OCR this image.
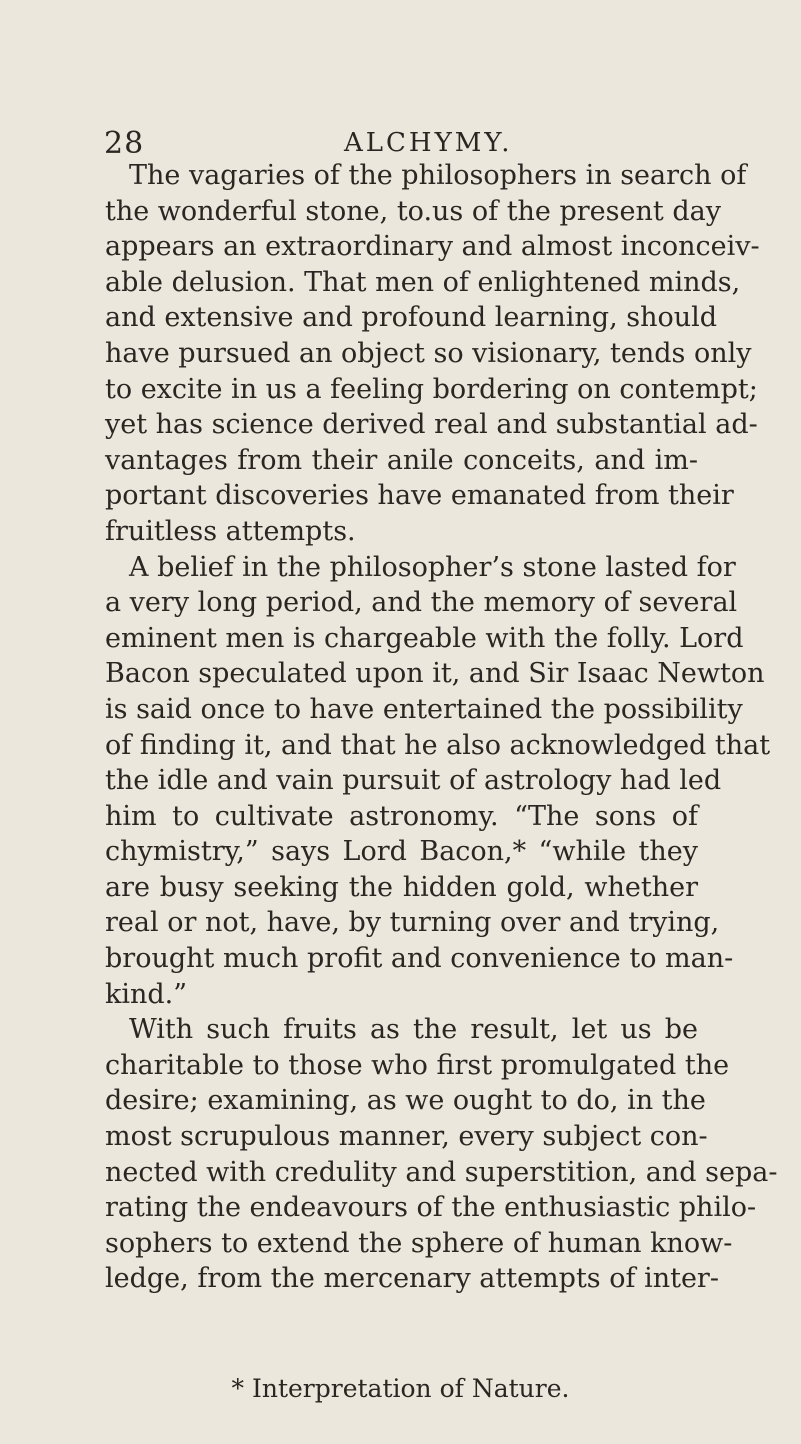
28	ALCHYMY.
The vagaries of the philosophers in search of
the wonderful stone, to.us of the present day
appears an extraordinary and almost inconceiv-
able delusion. That men of enlightened minds,
and extensive and profound learning, should
have pursued an object so visionary, tends only
to excite in us a feeling bordering on contempt;
yet has science derived real and substantial ad-
vantages from their anile conceits, and im-
portant discoveries have emanated from their
fruitless attempts.
A belief in the philosopher’s stone lasted for
a very long period, and the memory of several
eminent men is chargeable with the folly. Lord
Bacon speculated upon it, and Sir Isaac Newton
is said once to have entertained the possibility
of finding it, and that he also acknowledged that
the idle and vain pursuit of astrology had led
him to cultivate astronomy. “The sons of
chymistry,” says Lord Bacon,* “while they
are busy seeking the hidden gold, whether
real or not, have, by turning over and trying,
brought much profit and convenience to man-
kind.”
With such fruits as the result, let us be
charitable to those who first promulgated the
desire; examining, as we ought to do, in the
most scrupulous manner, every subject con-
nected with credulity and superstition, and sepa-
rating the endeavours of the enthusiastic philo-
sophers to extend the sphere of human know-
ledge, from the mercenary attempts of inter-
* Interpretation of Nature.
